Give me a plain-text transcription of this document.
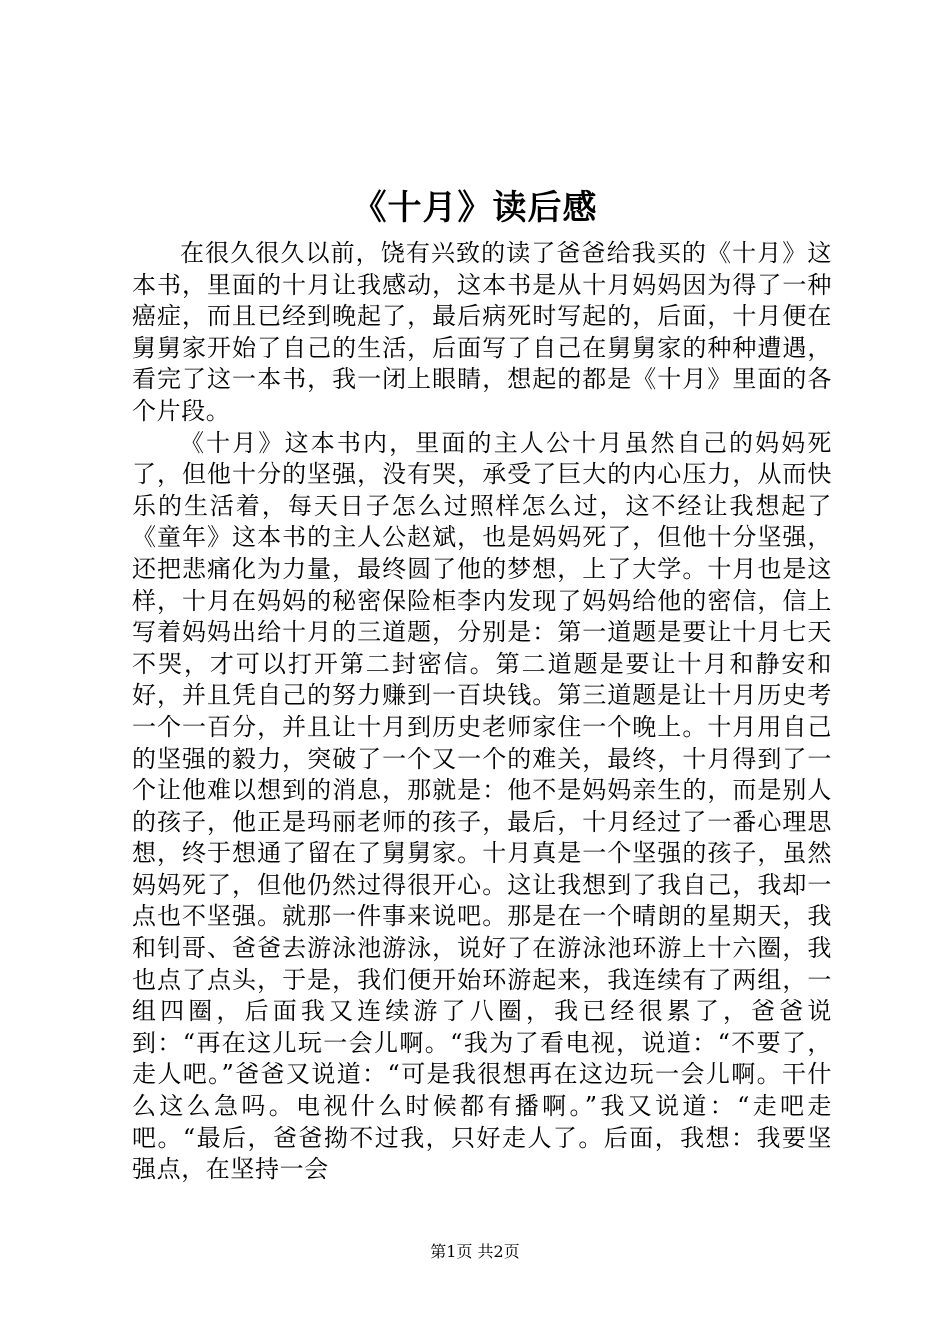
《十月》读后感

在很久很久以前，饶有兴致的读了爸爸给我买的《十月》这本书，里面的十月让我感动，这本书是从十月妈妈因为得了一种癌症，而且已经到晚起了，最后病死时写起的，后面，十月便在舅舅家开始了自己的生活，后面写了自己在舅舅家的种种遭遇，看完了这一本书，我一闭上眼睛，想起的都是《十月》里面的各个片段。

《十月》这本书内，里面的主人公十月虽然自己的妈妈死了，但他十分的坚强，没有哭，承受了巨大的内心压力，从而快乐的生活着，每天日子怎么过照样怎么过，这不经让我想起了《童年》这本书的主人公赵斌，也是妈妈死了，但他十分坚强，还把悲痛化为力量，最终圆了他的梦想，上了大学。十月也是这样，十月在妈妈的秘密保险柜李内发现了妈妈给他的密信，信上写着妈妈出给十月的三道题，分别是：第一道题是要让十月七天不哭，才可以打开第二封密信。第二道题是要让十月和静安和好，并且凭自己的努力赚到一百块钱。第三道题是让十月历史考一个一百分，并且让十月到历史老师家住一个晚上。十月用自己的坚强的毅力，突破了一个又一个的难关，最终，十月得到了一个让他难以想到的消息，那就是：他不是妈妈亲生的，而是别人的孩子，他正是玛丽老师的孩子，最后，十月经过了一番心理思想，终于想通了留在了舅舅家。十月真是一个坚强的孩子，虽然妈妈死了，但他仍然过得很开心。这让我想到了我自己，我却一点也不坚强。就那一件事来说吧。那是在一个晴朗的星期天，我和钊哥、爸爸去游泳池游泳，说好了在游泳池环游上十六圈，我也点了点头，于是，我们便开始环游起来，我连续有了两组，一组四圈，后面我又连续游了八圈，我已经很累了，爸爸说到：“再在这儿玩一会儿啊。“我为了看电视，说道：“不要了，走人吧。”爸爸又说道：“可是我很想再在这边玩一会儿啊。干什么这么急吗。电视什么时候都有播啊。”我又说道：“走吧走吧。“最后，爸爸拗不过我，只好走人了。后面，我想：我要坚强点，在坚持一会

第1页 共2页
